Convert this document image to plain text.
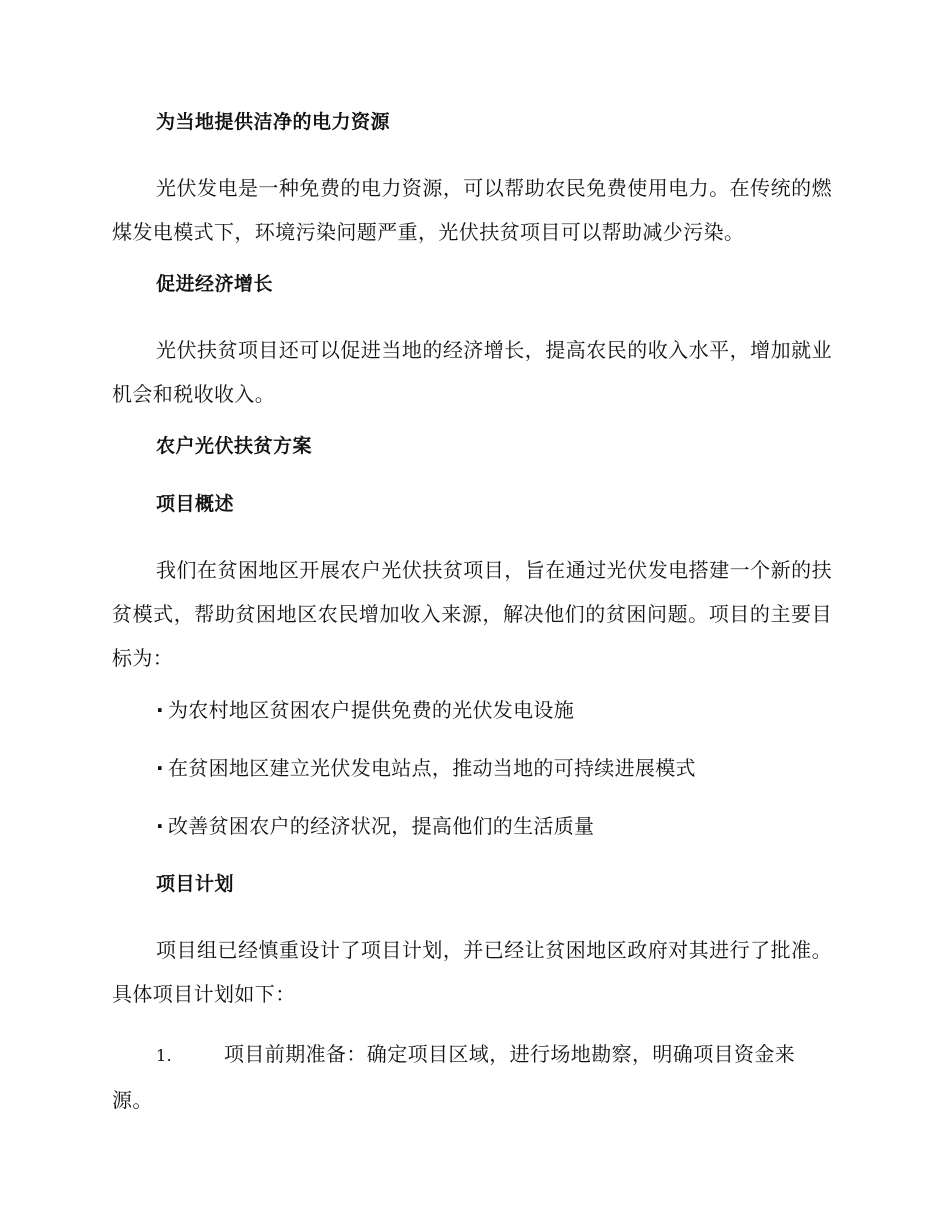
为当地提供洁净的电力资源

光伏发电是一种免费的电力资源，可以帮助农民免费使用电力。在传统的燃煤发电模式下，环境污染问题严重，光伏扶贫项目可以帮助减少污染。

促进经济增长

光伏扶贫项目还可以促进当地的经济增长，提高农民的收入水平，增加就业机会和税收收入。

农户光伏扶贫方案
项目概述

我们在贫困地区开展农户光伏扶贫项目，旨在通过光伏发电搭建一个新的扶贫模式，帮助贫困地区农民增加收入来源，解决他们的贫困问题。项目的主要目标为：

· 为农村地区贫困农户提供免费的光伏发电设施
· 在贫困地区建立光伏发电站点，推动当地的可持续进展模式
· 改善贫困农户的经济状况，提高他们的生活质量
项目计划

项目组已经慎重设计了项目计划，并已经让贫困地区政府对其进行了批准。具体项目计划如下：

1.	项目前期准备：确定项目区域，进行场地勘察，明确项目资金来源。
